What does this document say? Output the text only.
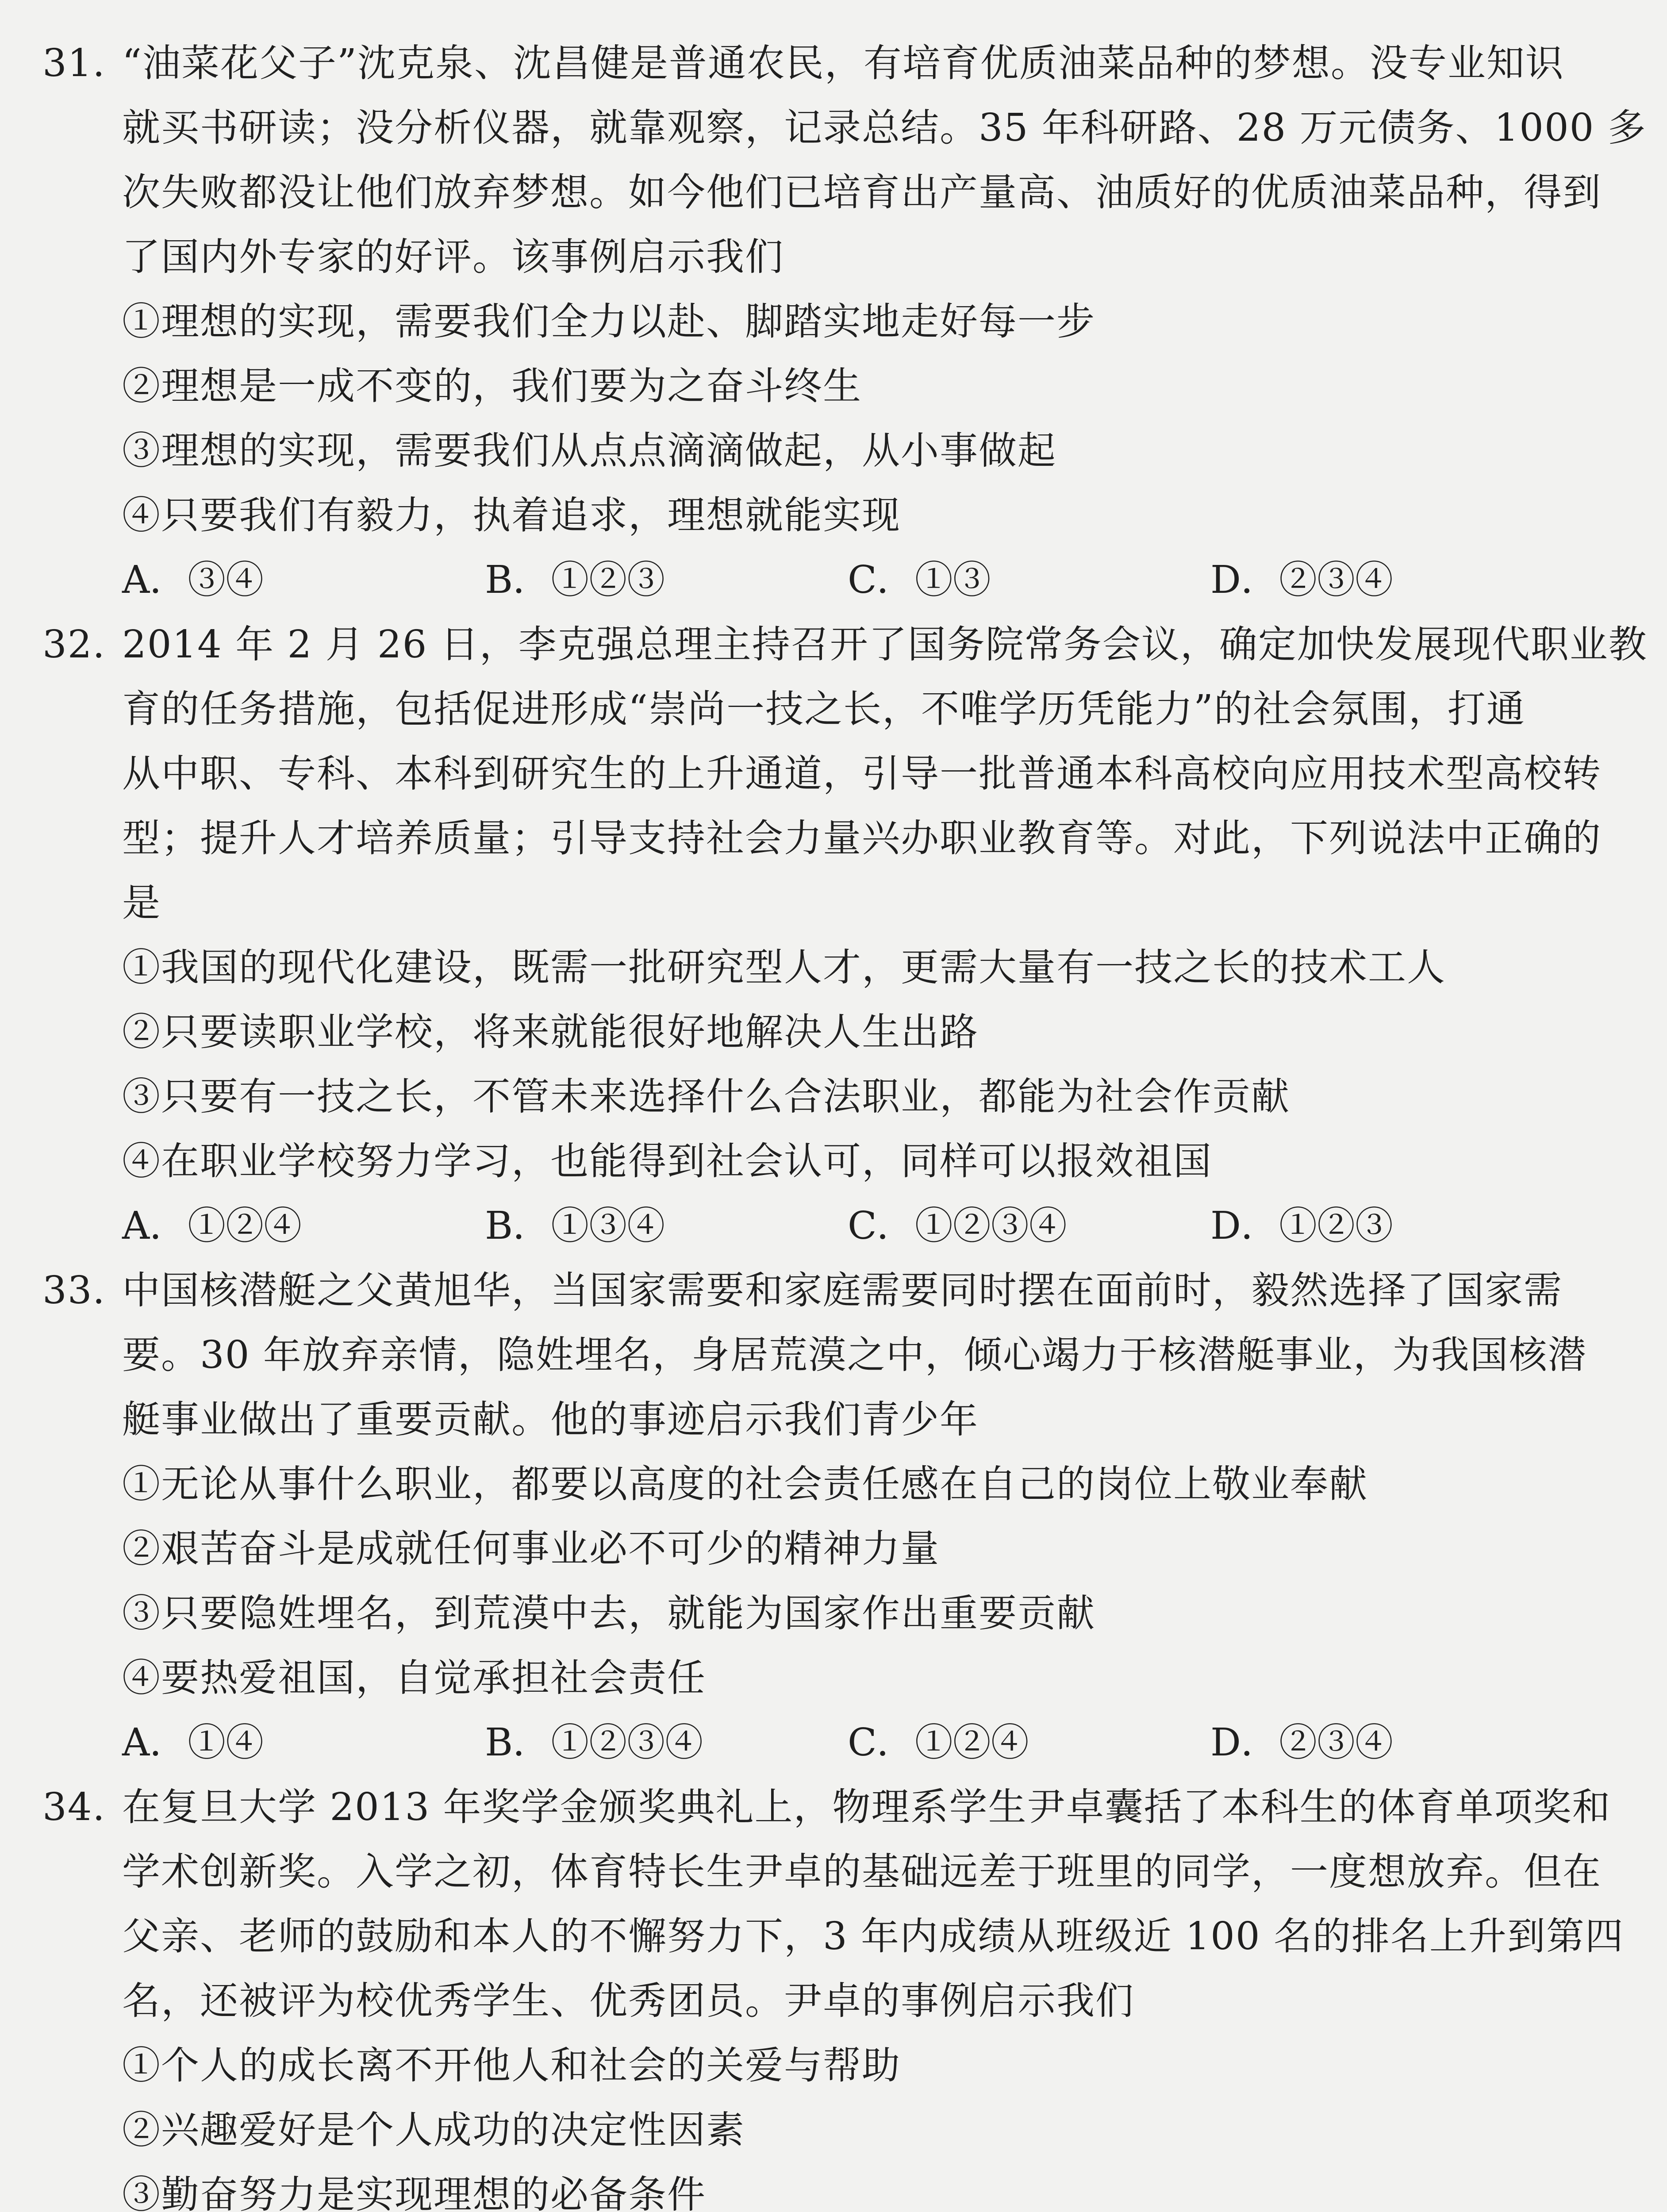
31. “油菜花父子”沈克泉、沈昌健是普通农民，有培育优质油菜品种的梦想。没专业知识
就买书研读；没分析仪器，就靠观察，记录总结。35 年科研路、28 万元债务、1000 多
次失败都没让他们放弃梦想。如今他们已培育出产量高、油质好的优质油菜品种，得到
了国内外专家的好评。该事例启示我们
①理想的实现，需要我们全力以赴、脚踏实地走好每一步
②理想是一成不变的，我们要为之奋斗终生
③理想的实现，需要我们从点点滴滴做起，从小事做起
④只要我们有毅力，执着追求，理想就能实现
A．③④	B．①②③	C．①③	D．②③④
32. 2014 年 2 月 26 日，李克强总理主持召开了国务院常务会议，确定加快发展现代职业教
育的任务措施，包括促进形成“崇尚一技之长，不唯学历凭能力”的社会氛围，打通
从中职、专科、本科到研究生的上升通道，引导一批普通本科高校向应用技术型高校转
型；提升人才培养质量；引导支持社会力量兴办职业教育等。对此，下列说法中正确的
是
①我国的现代化建设，既需一批研究型人才，更需大量有一技之长的技术工人
②只要读职业学校，将来就能很好地解决人生出路
③只要有一技之长，不管未来选择什么合法职业，都能为社会作贡献
④在职业学校努力学习，也能得到社会认可，同样可以报效祖国
A．①②④	B．①③④	C．①②③④	D．①②③
33. 中国核潜艇之父黄旭华，当国家需要和家庭需要同时摆在面前时，毅然选择了国家需
要。30 年放弃亲情，隐姓埋名，身居荒漠之中，倾心竭力于核潜艇事业，为我国核潜
艇事业做出了重要贡献。他的事迹启示我们青少年
①无论从事什么职业，都要以高度的社会责任感在自己的岗位上敬业奉献
②艰苦奋斗是成就任何事业必不可少的精神力量
③只要隐姓埋名，到荒漠中去，就能为国家作出重要贡献
④要热爱祖国，自觉承担社会责任
A．①④	B．①②③④	C．①②④	D．②③④
34. 在复旦大学 2013 年奖学金颁奖典礼上，物理系学生尹卓囊括了本科生的体育单项奖和
学术创新奖。入学之初，体育特长生尹卓的基础远差于班里的同学，一度想放弃。但在
父亲、老师的鼓励和本人的不懈努力下，3 年内成绩从班级近 100 名的排名上升到第四
名，还被评为校优秀学生、优秀团员。尹卓的事例启示我们
①个人的成长离不开他人和社会的关爱与帮助
②兴趣爱好是个人成功的决定性因素
③勤奋努力是实现理想的必备条件
